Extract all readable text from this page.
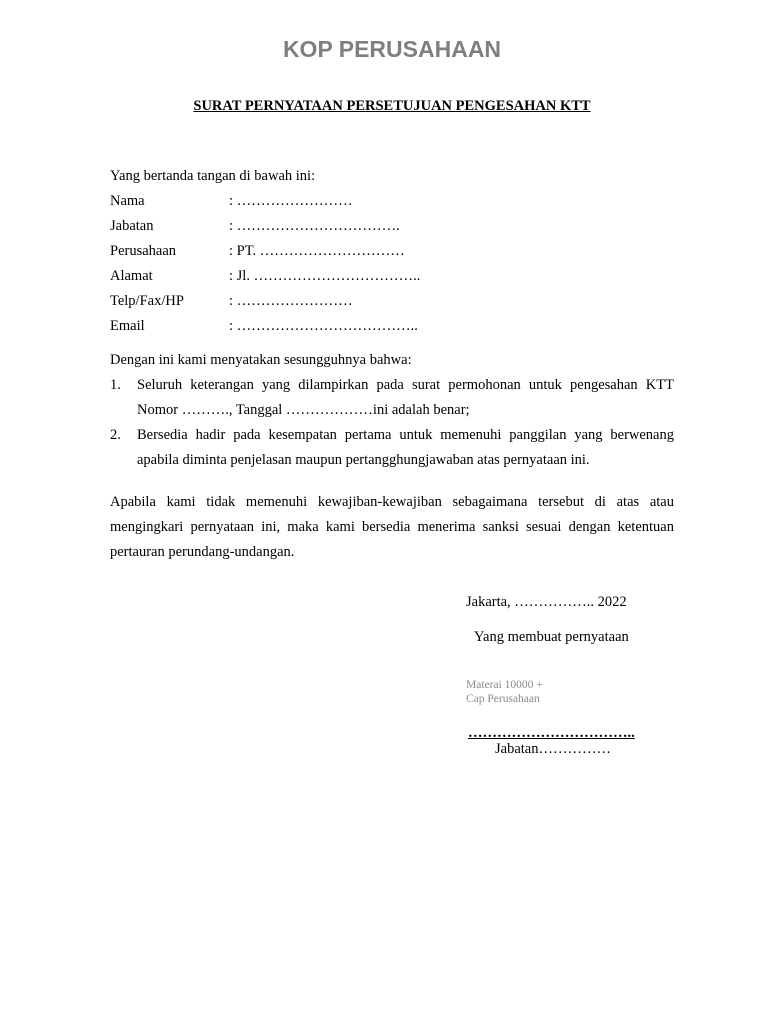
KOP PERUSAHAAN
SURAT PERNYATAAN PERSETUJUAN PENGESAHAN KTT
Yang bertanda tangan di bawah ini:
Nama	: ……………………
Jabatan	: …………………………….
Perusahaan	: PT. …………………………
Alamat	: Jl. ……………………………..
Telp/Fax/HP	: ……………………
Email	: ………………………………..
Dengan ini kami menyatakan sesungguhnya bahwa:
1.	Seluruh keterangan yang dilampirkan pada surat permohonan untuk pengesahan KTT Nomor ………., Tanggal ………………ini adalah benar;
2.	Bersedia hadir pada kesempatan pertama untuk memenuhi panggilan yang berwenang apabila diminta penjelasan maupun pertangghungjawaban atas pernyataan ini.
Apabila kami tidak memenuhi kewajiban-kewajiban sebagaimana tersebut di atas atau mengingkari pernyataan ini, maka kami bersedia menerima sanksi sesuai dengan ketentuan pertauran perundang-undangan.
Jakarta, …………….. 2022
Yang membuat pernyataan
Materai 10000 +
Cap Perusahaan
……………………………..
Jabatan……………
